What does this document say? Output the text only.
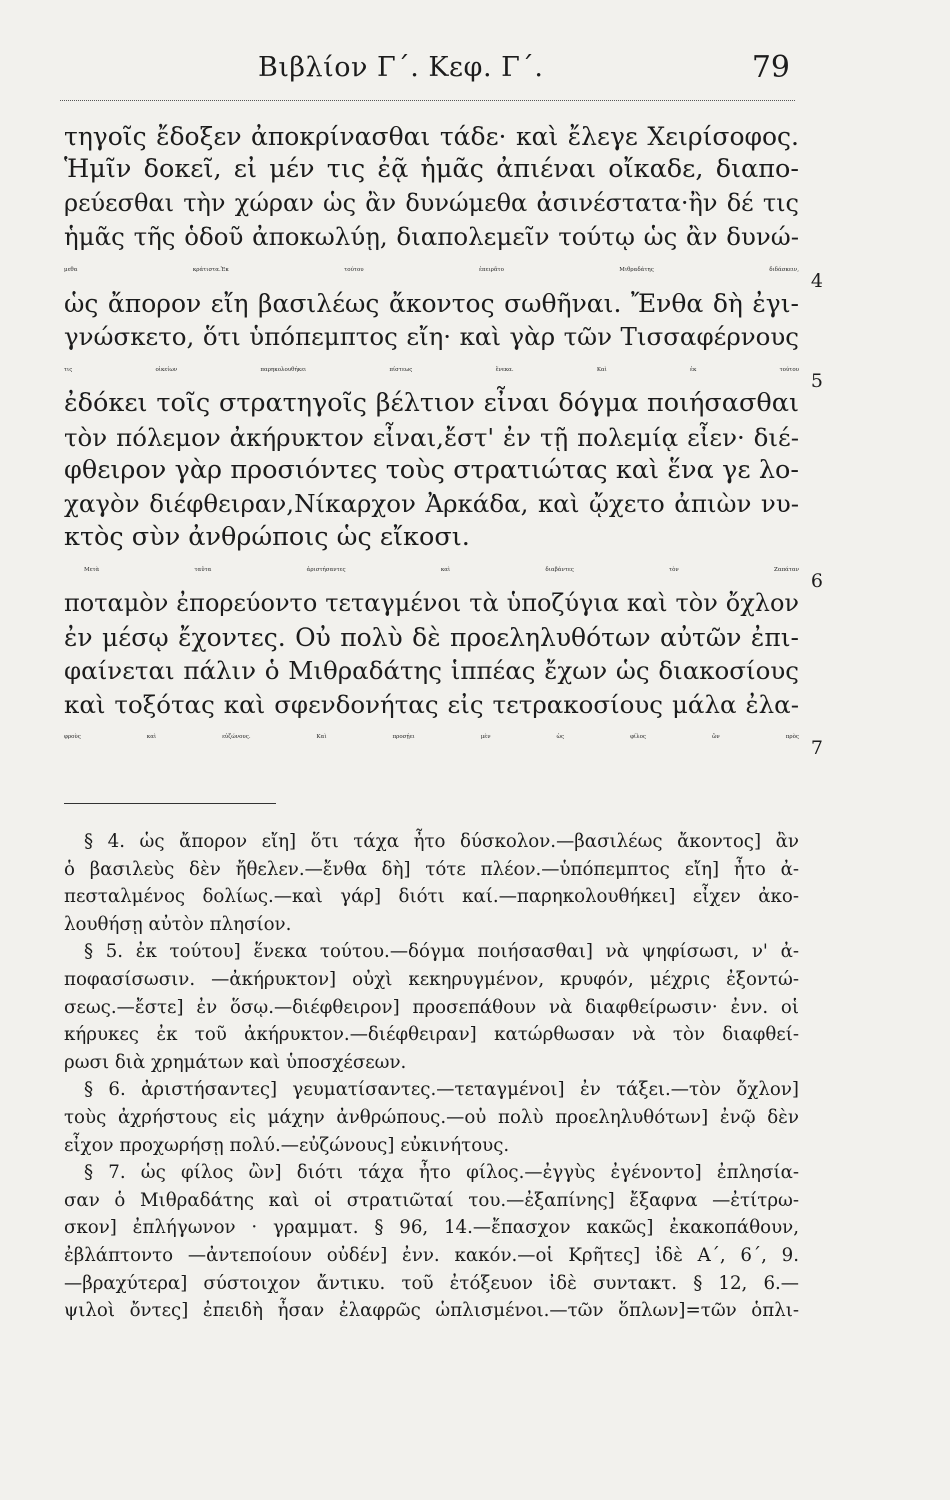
Βιβλίον Γ΄. Κεφ. Γ΄.	79
τηγοῖς ἔδοξεν ἀποκρίνασθαι τάδε· καὶ ἔλεγε Χειρίσοφος.
Ἡμῖν δοκεῖ, εἰ μέν τις ἐᾷ ἡμᾶς ἀπιέναι οἴκαδε, διαπο-
ρεύεσθαι τὴν χώραν ὡς ἂν δυνώμεθα ἀσινέστατα·ἢν δέ τις
ἡμᾶς τῆς ὁδοῦ ἀποκωλύῃ, διαπολεμεῖν τούτῳ ὡς ἂν δυνώ-
μεθα κράτιστα.Ἐκ τούτου ἐπειρᾶτο Μιθραδάτης διδάσκειν, 4
ὡς ἄπορον εἴη βασιλέως ἄκοντος σωθῆναι. Ἔνθα δὴ ἐγι-
γνώσκετο, ὅτι ὑπόπεμπτος εἴη· καὶ γὰρ τῶν Τισσαφέρνους
τις οἰκείων παρηκολουθήκει πίστεως ἕνεκα. Καὶ ἐκ τούτου 5
ἐδόκει τοῖς στρατηγοῖς βέλτιον εἶναι δόγμα ποιήσασθαι
τὸν πόλεμον ἀκήρυκτον εἶναι,ἔστ' ἐν τῇ πολεμίᾳ εἶεν· διέ-
φθειρον γὰρ προσιόντες τοὺς στρατιώτας καὶ ἕνα γε λο-
χαγὸν διέφθειραν,Νίκαρχον Ἀρκάδα, καὶ ᾤχετο ἀπιὼν νυ-
κτὸς σὺν ἀνθρώποις ὡς εἴκοσι.
Μετὰ ταῦτα ἀριστήσαντες καὶ διαβάντες τὸν Ζαπάταν 6
ποταμὸν ἐπορεύοντο τεταγμένοι τὰ ὑποζύγια καὶ τὸν ὄχλον
ἐν μέσῳ ἔχοντες. Οὐ πολὺ δὲ προεληλυθότων αὐτῶν ἐπι-
φαίνεται πάλιν ὁ Μιθραδάτης ἱππέας ἔχων ὡς διακοσίους
καὶ τοξότας καὶ σφενδονήτας εἰς τετρακοσίους μάλα ἐλα-
φροὺς καὶ εὐζώνους. Καὶ προσῄει μὲν ὡς φίλος ὢν πρὸς 7
§ 4. ὡς ἄπορον εἴη] ὅτι τάχα ἦτο δύσκολον.—βασιλέως ἄκοντος] ἂν
ὁ βασιλεὺς δὲν ἤθελεν.—ἔνθα δὴ] τότε πλέον.—ὑπόπεμπτος εἴη] ἦτο ἀ-
πεσταλμένος δολίως.—καὶ γάρ] διότι καί.—παρηκολουθήκει] εἶχεν ἀκο-
λουθήσῃ αὐτὸν πλησίον.
§ 5. ἐκ τούτου] ἕνεκα τούτου.—δόγμα ποιήσασθαι] νὰ ψηφίσωσι, ν' ἀ-
ποφασίσωσιν. —ἀκήρυκτον] οὐχὶ κεκηρυγμένον, κρυφόν, μέχρις ἐξοντώ-
σεως.—ἔστε] ἐν ὅσῳ.—διέφθειρον] προσεπάθουν νὰ διαφθείρωσιν· ἐνν. οἱ
κήρυκες ἐκ τοῦ ἀκήρυκτον.—διέφθειραν] κατώρθωσαν νὰ τὸν διαφθεί-
ρωσι διὰ χρημάτων καὶ ὑποσχέσεων.
§ 6. ἀριστήσαντες] γευματίσαντες.—τεταγμένοι] ἐν τάξει.—τὸν ὄχλον]
τοὺς ἀχρήστους εἰς μάχην ἀνθρώπους.—οὐ πολὺ προεληλυθότων] ἐνῷ δὲν
εἶχον προχωρήσῃ πολύ.—εὐζώνους] εὐκινήτους.
§ 7. ὡς φίλος ὢν] διότι τάχα ἦτο φίλος.—ἐγγὺς ἐγένοντο] ἐπλησία-
σαν ὁ Μιθραδάτης καὶ οἱ στρατιῶταί του.—ἐξαπίνης] ἔξαφνα —ἐτίτρω-
σκον] ἐπλήγωνον · γραμματ. § 96, 14.—ἔπασχον κακῶς] ἐκακοπάθουν,
ἐβλάπτοντο —ἀντεποίουν οὐδέν] ἐνν. κακόν.—οἱ Κρῆτες] ἰδὲ Α΄, 6΄, 9.
—βραχύτερα] σύστοιχον ἄντικυ. τοῦ ἐτόξευον ἰδὲ συντακτ. § 12, 6.—
ψιλοὶ ὄντες] ἐπειδὴ ἦσαν ἐλαφρῶς ὡπλισμένοι.—τῶν ὅπλων]=τῶν ὁπλι-
